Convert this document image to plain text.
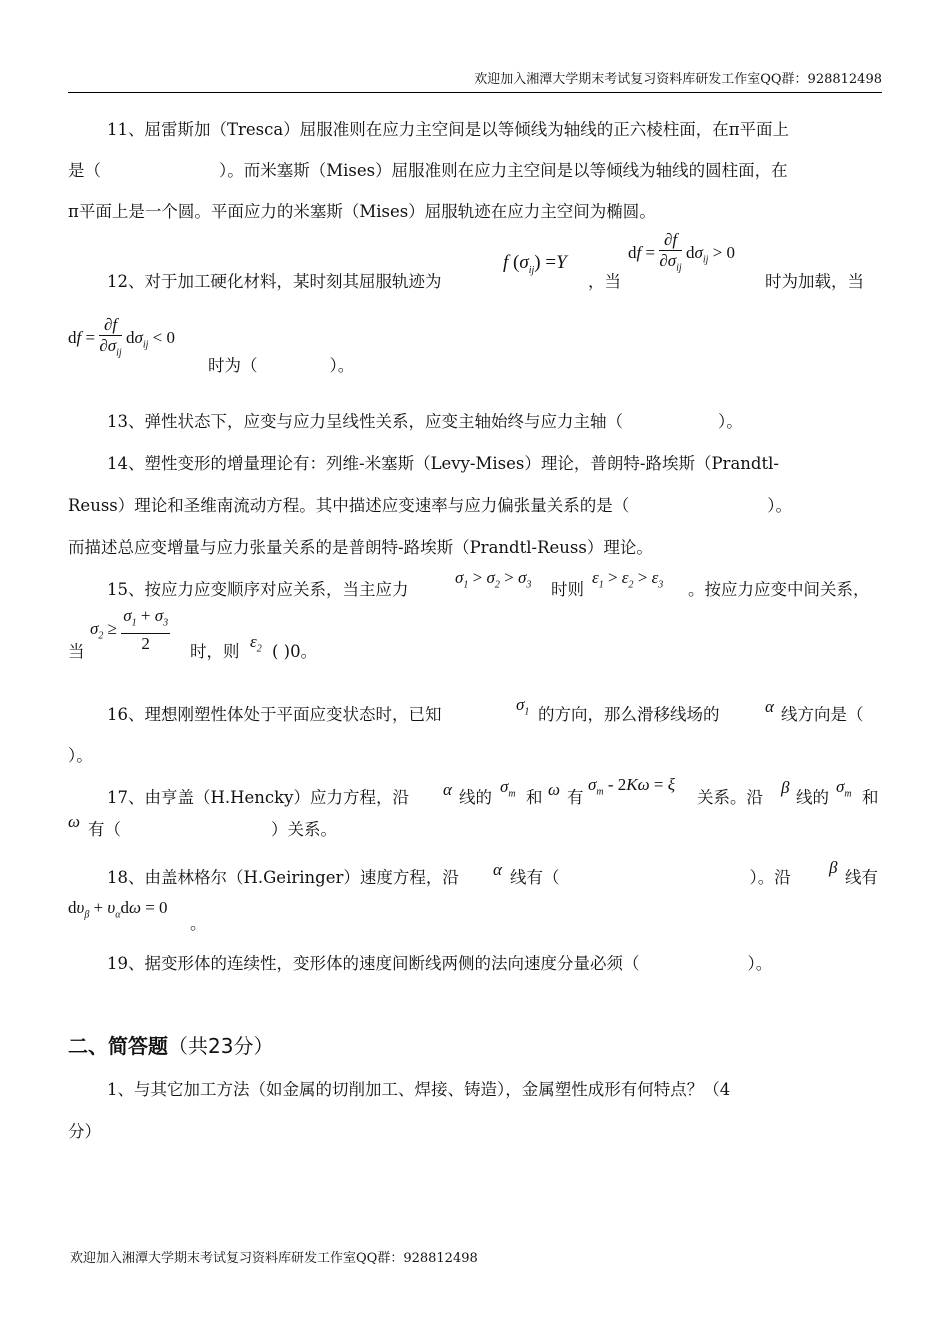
欢迎加入湘潭大学期末考试复习资料库研发工作室QQ群：928812498
11、屈雷斯加（Tresca）屈服准则在应力主空间是以等倾线为轴线的正六棱柱面，在π平面上
是（	）。而米塞斯（Mises）屈服准则在应力主空间是以等倾线为轴线的圆柱面，在
π平面上是一个圆。平面应力的米塞斯（Mises）屈服轨迹在应力主空间为椭圆。
12、对于加工硬化材料，某时刻其屈服轨迹为
f $(\sigma_{ij}) =Y$
，当
df = $\frac{\partial f}{\partial\sigma_{ij}} d\sigma_{ij} > 0$
时为加载，当
df = $\frac{\partial f}{\partial\sigma_{ij}} d\sigma_{ij} < 0$
时为（	）。
13、弹性状态下，应变与应力呈线性关系，应变主轴始终与应力主轴（	）。
14、塑性变形的增量理论有：列维-米塞斯（Levy-Mises）理论，普朗特-路埃斯（Prandtl-
Reuss）理论和圣维南流动方程。其中描述应变速率与应力偏张量关系的是（	）。
而描述总应变增量与应力张量关系的是普朗特-路埃斯（Prandtl-Reuss）理论。
15、按应力应变顺序对应关系，当主应力
$\sigma_1 > \sigma_2 > \sigma_3$ 时则
$\varepsilon_1 > \varepsilon_2 > \varepsilon_3$ 。按应力应变中间关系，
当
$\sigma_2 \ge \frac{\sigma_1 + \sigma_3}{2}$ 时，则
$\varepsilon_2$ ( )0。
16、理想刚塑性体处于平面应变状态时，已知
$\sigma_1$ 的方向，那么滑移线场的	α 线方向是（
）。
17、由亨盖（H.Hencky）应力方程，沿 α 线的
$\sigma_m$ 和 ω 有
$\sigma_m - 2K\omega = \xi$
关系。沿
β
线的
$\sigma_m$ 和
ω 有（	）关系。
18、由盖林格尔（H.Geiringer）速度方程，沿 α 线有（	）。沿
β
线有
$d\upsilon_\beta + \upsilon_\alpha d\omega = 0$
。
19、据变形体的连续性，变形体的速度间断线两侧的法向速度分量必须（	）。
二、简答题（共23分）
1、与其它加工方法（如金属的切削加工、焊接、铸造），金属塑性成形有何特点？（4
分）
欢迎加入湘潭大学期末考试复习资料库研发工作室QQ群：928812498
